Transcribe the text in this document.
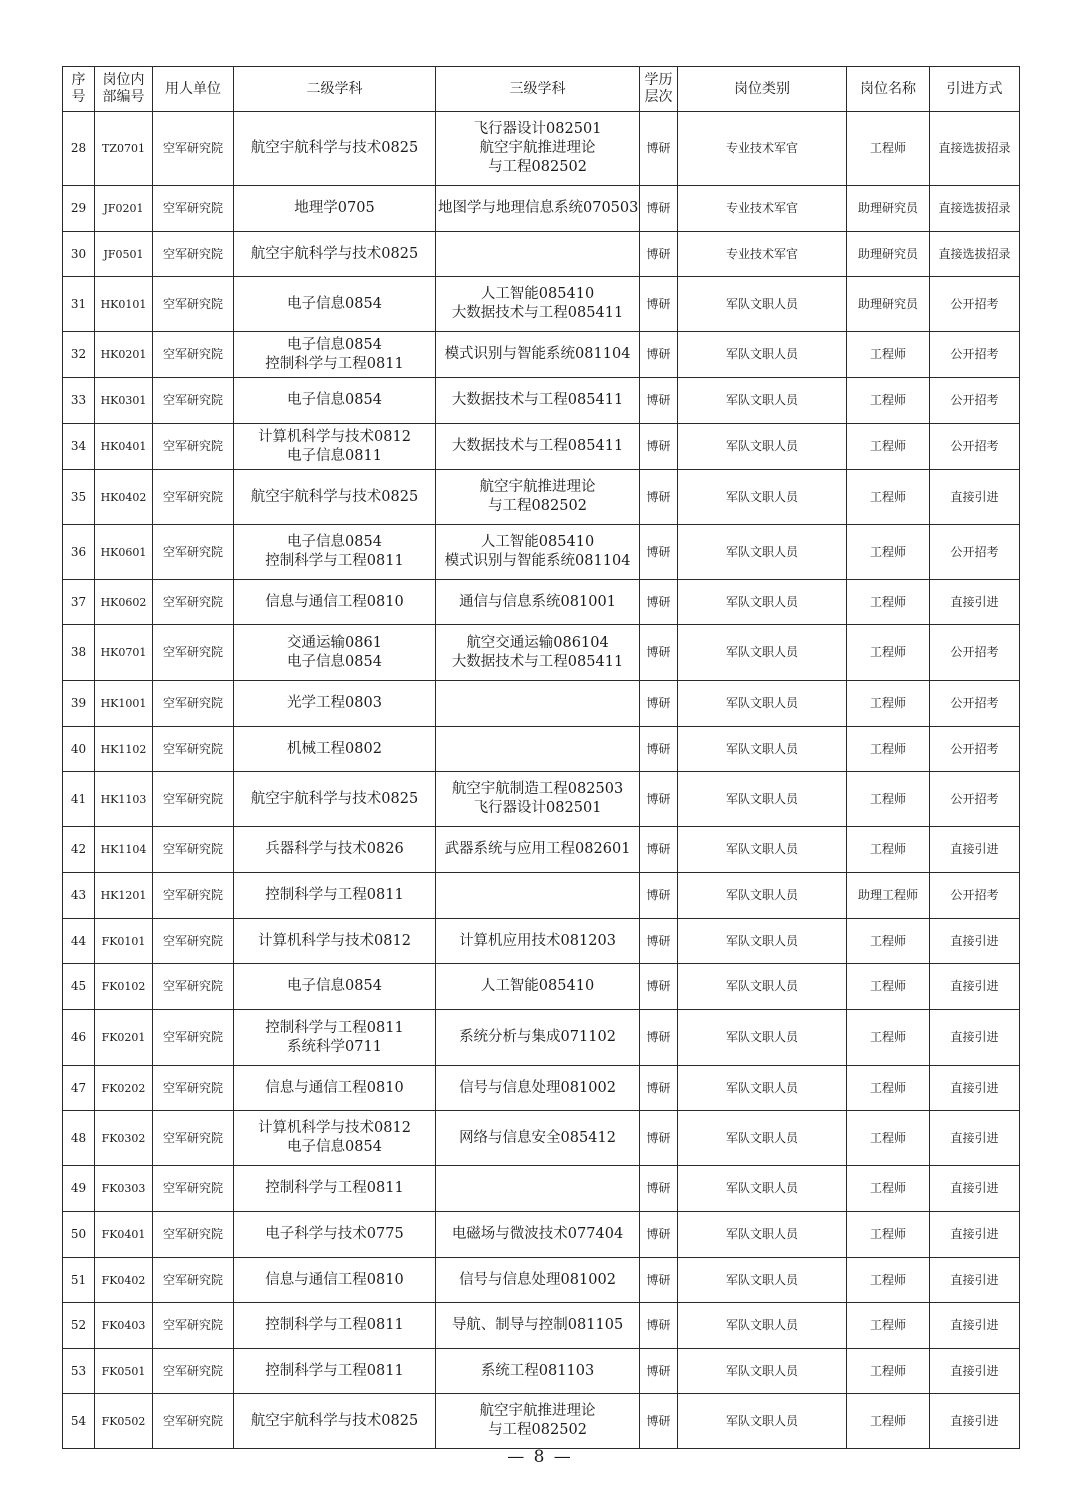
序号	岗位内部编号	用人单位	二级学科	三级学科	学历层次	岗位类别	岗位名称	引进方式
28	TZ0701	空军研究院	航空宇航科学与技术0825	飞行器设计082501
航空宇航推进理论
与工程082502	博研	专业技术军官	工程师	直接选拔招录
29	JF0201	空军研究院	地理学0705	地图学与地理信息系统070503	博研	专业技术军官	助理研究员	直接选拔招录
30	JF0501	空军研究院	航空宇航科学与技术0825		博研	专业技术军官	助理研究员	直接选拔招录
31	HK0101	空军研究院	电子信息0854	人工智能085410
大数据技术与工程085411	博研	军队文职人员	助理研究员	公开招考
32	HK0201	空军研究院	电子信息0854
控制科学与工程0811	模式识别与智能系统081104	博研	军队文职人员	工程师	公开招考
33	HK0301	空军研究院	电子信息0854	大数据技术与工程085411	博研	军队文职人员	工程师	公开招考
34	HK0401	空军研究院	计算机科学与技术0812
电子信息0811	大数据技术与工程085411	博研	军队文职人员	工程师	公开招考
35	HK0402	空军研究院	航空宇航科学与技术0825	航空宇航推进理论
与工程082502	博研	军队文职人员	工程师	直接引进
36	HK0601	空军研究院	电子信息0854
控制科学与工程0811	人工智能085410
模式识别与智能系统081104	博研	军队文职人员	工程师	公开招考
37	HK0602	空军研究院	信息与通信工程0810	通信与信息系统081001	博研	军队文职人员	工程师	直接引进
38	HK0701	空军研究院	交通运输0861
电子信息0854	航空交通运输086104
大数据技术与工程085411	博研	军队文职人员	工程师	公开招考
39	HK1001	空军研究院	光学工程0803		博研	军队文职人员	工程师	公开招考
40	HK1102	空军研究院	机械工程0802		博研	军队文职人员	工程师	公开招考
41	HK1103	空军研究院	航空宇航科学与技术0825	航空宇航制造工程082503
飞行器设计082501	博研	军队文职人员	工程师	公开招考
42	HK1104	空军研究院	兵器科学与技术0826	武器系统与应用工程082601	博研	军队文职人员	工程师	直接引进
43	HK1201	空军研究院	控制科学与工程0811		博研	军队文职人员	助理工程师	公开招考
44	FK0101	空军研究院	计算机科学与技术0812	计算机应用技术081203	博研	军队文职人员	工程师	直接引进
45	FK0102	空军研究院	电子信息0854	人工智能085410	博研	军队文职人员	工程师	直接引进
46	FK0201	空军研究院	控制科学与工程0811
系统科学0711	系统分析与集成071102	博研	军队文职人员	工程师	直接引进
47	FK0202	空军研究院	信息与通信工程0810	信号与信息处理081002	博研	军队文职人员	工程师	直接引进
48	FK0302	空军研究院	计算机科学与技术0812
电子信息0854	网络与信息安全085412	博研	军队文职人员	工程师	直接引进
49	FK0303	空军研究院	控制科学与工程0811		博研	军队文职人员	工程师	直接引进
50	FK0401	空军研究院	电子科学与技术0775	电磁场与微波技术077404	博研	军队文职人员	工程师	直接引进
51	FK0402	空军研究院	信息与通信工程0810	信号与信息处理081002	博研	军队文职人员	工程师	直接引进
52	FK0403	空军研究院	控制科学与工程0811	导航、制导与控制081105	博研	军队文职人员	工程师	直接引进
53	FK0501	空军研究院	控制科学与工程0811	系统工程081103	博研	军队文职人员	工程师	直接引进
54	FK0502	空军研究院	航空宇航科学与技术0825	航空宇航推进理论
与工程082502	博研	军队文职人员	工程师	直接引进
— 8 —
